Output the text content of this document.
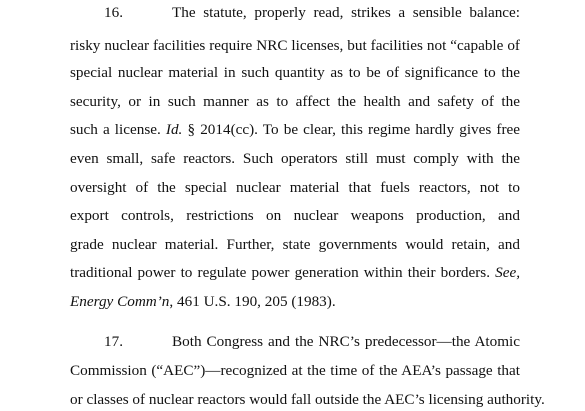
16.	The statute, properly read, strikes a sensible balance:
risky nuclear facilities require NRC licenses, but facilities not “capable of
special nuclear material in such quantity as to be of significance to the
security, or in such manner as to affect the health and safety of the
such a license. Id. § 2014(cc). To be clear, this regime hardly gives free
even small, safe reactors. Such operators still must comply with the
oversight of the special nuclear material that fuels reactors, not to
export controls, restrictions on nuclear weapons production, and
grade nuclear material. Further, state governments would retain, and
traditional power to regulate power generation within their borders. See,
Energy Comm’n, 461 U.S. 190, 205 (1983).
17.	Both Congress and the NRC’s predecessor—the Atomic
Commission (“AEC”)—recognized at the time of the AEA’s passage that
or classes of nuclear reactors would fall outside the AEC’s licensing authority.
